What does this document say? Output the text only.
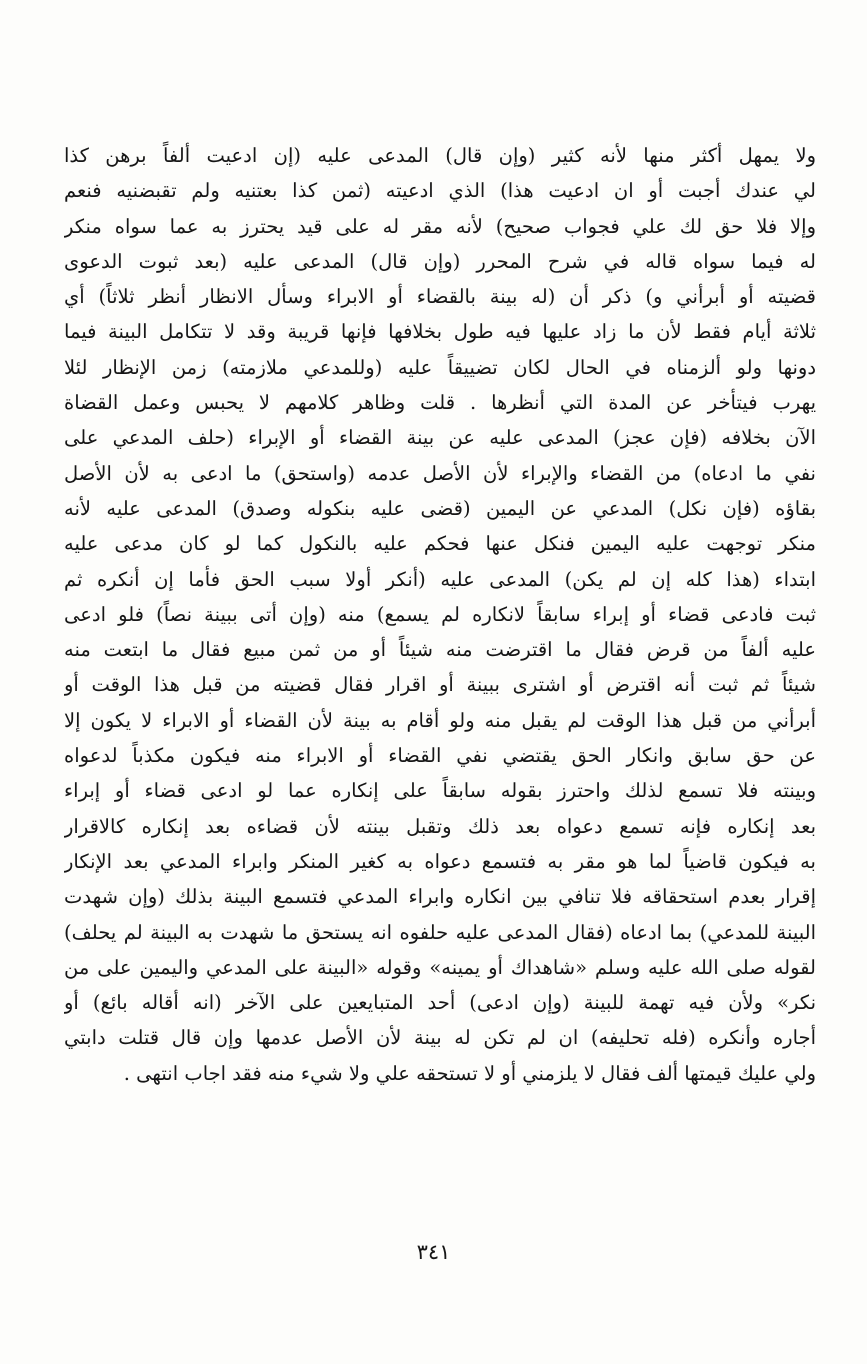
ولا يمهل أكثر منها لأنه كثير (وإن قال) المدعى عليه (إن ادعيت ألفاً برهن كذا
لي عندك أجبت أو ان ادعيت هذا) الذي ادعيته (ثمن كذا بعتنيه ولم تقبضنيه فنعم
وإلا فلا حق لك علي فجواب صحيح) لأنه مقر له على قيد يحترز به عما سواه منكر
له فيما سواه قاله في شرح المحرر (وإن قال) المدعى عليه (بعد ثبوت الدعوى
قضيته أو أبرأني و) ذكر أن (له بينة بالقضاء أو الابراء وسأل الانظار أنظر ثلاثاً) أي
ثلاثة أيام فقط لأن ما زاد عليها فيه طول بخلافها فإنها قريبة وقد لا تتكامل البينة فيما
دونها ولو ألزمناه في الحال لكان تضييقاً عليه (وللمدعي ملازمته) زمن الإنظار لئلا
يهرب فيتأخر عن المدة التي أنظرها . قلت وظاهر كلامهم لا يحبس وعمل القضاة
الآن بخلافه (فإن عجز) المدعى عليه عن بينة القضاء أو الإبراء (حلف المدعي على
نفي ما ادعاه) من القضاء والإبراء لأن الأصل عدمه (واستحق) ما ادعى به لأن الأصل
بقاؤه (فإن نكل) المدعي عن اليمين (قضى عليه بنكوله وصدق) المدعى عليه لأنه
منكر توجهت عليه اليمين فنكل عنها فحكم عليه بالنكول كما لو كان مدعى عليه
ابتداء (هذا كله إن لم يكن) المدعى عليه (أنكر أولا سبب الحق فأما إن أنكره ثم
ثبت فادعى قضاء أو إبراء سابقاً لانكاره لم يسمع) منه (وإن أتى ببينة نصاً) فلو ادعى
عليه ألفاً من قرض فقال ما اقترضت منه شيئاً أو من ثمن مبيع فقال ما ابتعت منه
شيئاً ثم ثبت أنه اقترض أو اشترى ببينة أو اقرار فقال قضيته من قبل هذا الوقت أو
أبرأني من قبل هذا الوقت لم يقبل منه ولو أقام به بينة لأن القضاء أو الابراء لا يكون إلا
عن حق سابق وانكار الحق يقتضي نفي القضاء أو الابراء منه فيكون مكذباً لدعواه
وبينته فلا تسمع لذلك واحترز بقوله سابقاً على إنكاره عما لو ادعى قضاء أو إبراء
بعد إنكاره فإنه تسمع دعواه بعد ذلك وتقبل بينته لأن قضاءه بعد إنكاره كالاقرار
به فيكون قاضياً لما هو مقر به فتسمع دعواه به كغير المنكر وابراء المدعي بعد الإنكار
إقرار بعدم استحقاقه فلا تنافي بين انكاره وابراء المدعي فتسمع البينة بذلك (وإن شهدت
البينة للمدعي) بما ادعاه (فقال المدعى عليه حلفوه انه يستحق ما شهدت به البينة لم يحلف)
لقوله صلى الله عليه وسلم «شاهداك أو يمينه» وقوله «البينة على المدعي واليمين على من
نكر» ولأن فيه تهمة للبينة (وإن ادعى) أحد المتبايعين على الآخر (انه أقاله بائع) أو
أجاره وأنكره (فله تحليفه) ان لم تكن له بينة لأن الأصل عدمها وإن قال قتلت دابتي
ولي عليك قيمتها ألف فقال لا يلزمني أو لا تستحقه علي ولا شيء منه فقد اجاب انتهى .
٣٤١
